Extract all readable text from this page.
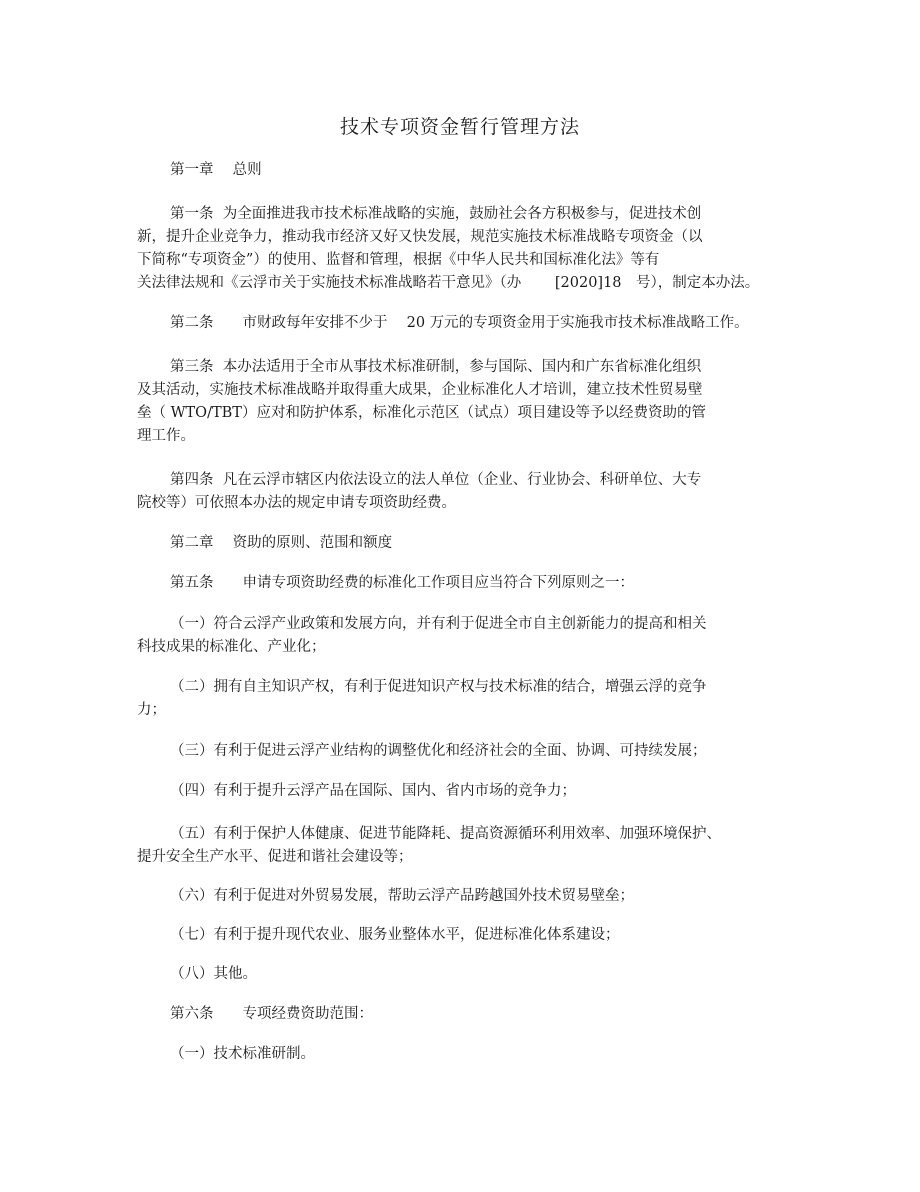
技术专项资金暂行管理方法
第一章　 总则
第一条  为全面推进我市技术标准战略的实施，鼓励社会各方积极参与，促进技术创
新，提升企业竞争力，推动我市经济又好又快发展，规范实施技术标准战略专项资金（以
下简称“专项资金”）的使用、监督和管理，根据《中华人民共和国标准化法》等有
关法律法规和《云浮市关于实施技术标准战略若干意见》（办　　 [2020]18　号），制定本办法。
第二条　　市财政每年安排不少于　 20 万元的专项资金用于实施我市技术标准战略工作。
第三条  本办法适用于全市从事技术标准研制，参与国际、国内和广东省标准化组织
及其活动，实施技术标准战略并取得重大成果，企业标准化人才培训，建立技术性贸易壁
垒（ WTO/TBT）应对和防护体系，标准化示范区（试点）项目建设等予以经费资助的管
理工作。
第四条  凡在云浮市辖区内依法设立的法人单位（企业、行业协会、科研单位、大专
院校等）可依照本办法的规定申请专项资助经费。
第二章　 资助的原则、范围和额度
第五条　　申请专项资助经费的标准化工作项目应当符合下列原则之一：
（一）符合云浮产业政策和发展方向，并有利于促进全市自主创新能力的提高和相关
科技成果的标准化、产业化；
（二）拥有自主知识产权，有利于促进知识产权与技术标准的结合，增强云浮的竞争
力；
（三）有利于促进云浮产业结构的调整优化和经济社会的全面、协调、可持续发展；
（四）有利于提升云浮产品在国际、国内、省内市场的竞争力；
（五）有利于保护人体健康、促进节能降耗、提高资源循环利用效率、加强环境保护、
提升安全生产水平、促进和谐社会建设等；
（六）有利于促进对外贸易发展，帮助云浮产品跨越国外技术贸易壁垒；
（七）有利于提升现代农业、服务业整体水平，促进标准化体系建设；
（八）其他。
第六条　　专项经费资助范围：
（一）技术标准研制。
